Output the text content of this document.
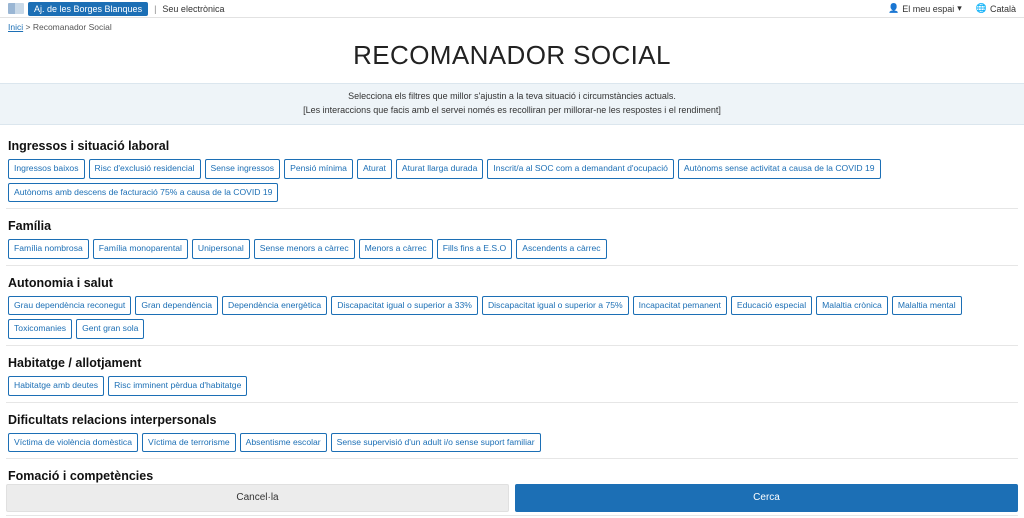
Aj. de les Borges Blanques	| Seu electrònica	👤 El meu espai ▾ 🌐 Català
Inici > Recomanador Social
RECOMANADOR SOCIAL
Selecciona els filtres que millor s'ajustin a la teva situació i circumstàncies actuals.
[Les interaccions que facis amb el servei només es recolliran per millorar-ne les respostes i el rendiment]
Ingressos i situació laboral
Ingressos baixos	Risc d'exclusió residencial	Sense ingressos	Pensió mínima	Aturat	Aturat llarga durada	Inscrit/a al SOC com a demandant d'ocupació	Autònoms sense activitat a causa de la COVID 19
Autònoms amb descens de facturació 75% a causa de la COVID 19
Família
Família nombrosa	Família monoparental	Unipersonal	Sense menors a càrrec	Menors a càrrec	Fills fins a E.S.O	Ascendents a càrrec
Autonomia i salut
Grau dependència reconegut	Gran dependència	Dependència energètica	Discapacitat igual o superior a 33%	Discapacitat igual o superior a 75%	Incapacitat pemanent	Educació especial	Malaltia crònica	Malaltia mental
Toxicomanies	Gent gran sola
Habitatge / allotjament
Habitatge amb deutes	Risc imminent pèrdua d'habitatge
Dificultats relacions interpersonals
Víctima de violència domèstica	Víctima de terrorisme	Absentisme escolar	Sense supervisió d'un adult i/o sense suport familiar
Fomació i competències
Cancel·la	Cerca
